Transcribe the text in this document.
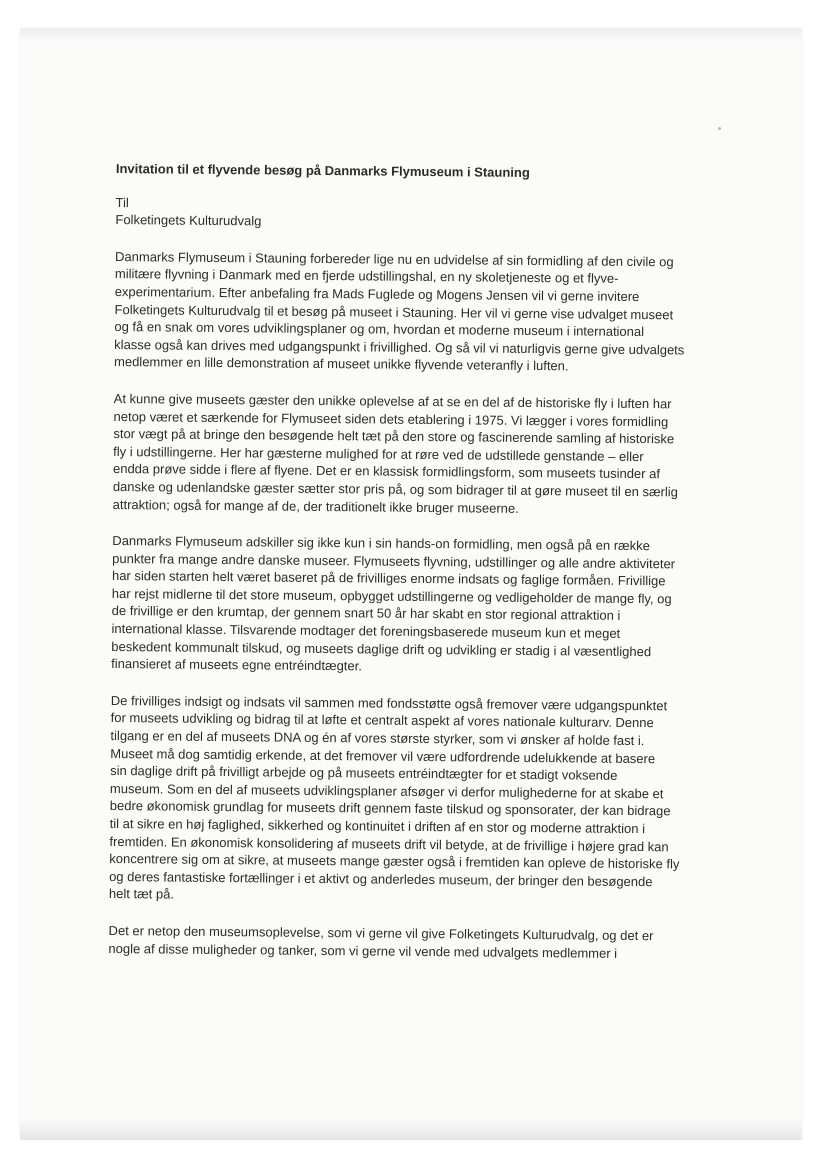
Invitation til et flyvende besøg på Danmarks Flymuseum i Stauning
Til
Folketingets Kulturudvalg
Danmarks Flymuseum i Stauning forbereder lige nu en udvidelse af sin formidling af den civile og
militære flyvning i Danmark med en fjerde udstillingshal, en ny skoletjeneste og et flyve-
experimentarium. Efter anbefaling fra Mads Fuglede og Mogens Jensen vil vi gerne invitere
Folketingets Kulturudvalg til et besøg på museet i Stauning. Her vil vi gerne vise udvalget museet
og få en snak om vores udviklingsplaner og om, hvordan et moderne museum i international
klasse også kan drives med udgangspunkt i frivillighed. Og så vil vi naturligvis gerne give udvalgets
medlemmer en lille demonstration af museet unikke flyvende veteranfly i luften.
At kunne give museets gæster den unikke oplevelse af at se en del af de historiske fly i luften har
netop været et særkende for Flymuseet siden dets etablering i 1975. Vi lægger i vores formidling
stor vægt på at bringe den besøgende helt tæt på den store og fascinerende samling af historiske
fly i udstillingerne. Her har gæsterne mulighed for at røre ved de udstillede genstande – eller
endda prøve sidde i flere af flyene. Det er en klassisk formidlingsform, som museets tusinder af
danske og udenlandske gæster sætter stor pris på, og som bidrager til at gøre museet til en særlig
attraktion; også for mange af de, der traditionelt ikke bruger museerne.
Danmarks Flymuseum adskiller sig ikke kun i sin hands-on formidling, men også på en række
punkter fra mange andre danske museer. Flymuseets flyvning, udstillinger og alle andre aktiviteter
har siden starten helt været baseret på de frivilliges enorme indsats og faglige formåen. Frivillige
har rejst midlerne til det store museum, opbygget udstillingerne og vedligeholder de mange fly, og
de frivillige er den krumtap, der gennem snart 50 år har skabt en stor regional attraktion i
international klasse. Tilsvarende modtager det foreningsbaserede museum kun et meget
beskedent kommunalt tilskud, og museets daglige drift og udvikling er stadig i al væsentlighed
finansieret af museets egne entréindtægter.
De frivilliges indsigt og indsats vil sammen med fondsstøtte også fremover være udgangspunktet
for museets udvikling og bidrag til at løfte et centralt aspekt af vores nationale kulturarv. Denne
tilgang er en del af museets DNA og én af vores største styrker, som vi ønsker af holde fast i.
Museet må dog samtidig erkende, at det fremover vil være udfordrende udelukkende at basere
sin daglige drift på frivilligt arbejde og på museets entréindtægter for et stadigt voksende
museum. Som en del af museets udviklingsplaner afsøger vi derfor mulighederne for at skabe et
bedre økonomisk grundlag for museets drift gennem faste tilskud og sponsorater, der kan bidrage
til at sikre en høj faglighed, sikkerhed og kontinuitet i driften af en stor og moderne attraktion i
fremtiden. En økonomisk konsolidering af museets drift vil betyde, at de frivillige i højere grad kan
koncentrere sig om at sikre, at museets mange gæster også i fremtiden kan opleve de historiske fly
og deres fantastiske fortællinger i et aktivt og anderledes museum, der bringer den besøgende
helt tæt på.
Det er netop den museumsoplevelse, som vi gerne vil give Folketingets Kulturudvalg, og det er
nogle af disse muligheder og tanker, som vi gerne vil vende med udvalgets medlemmer i
